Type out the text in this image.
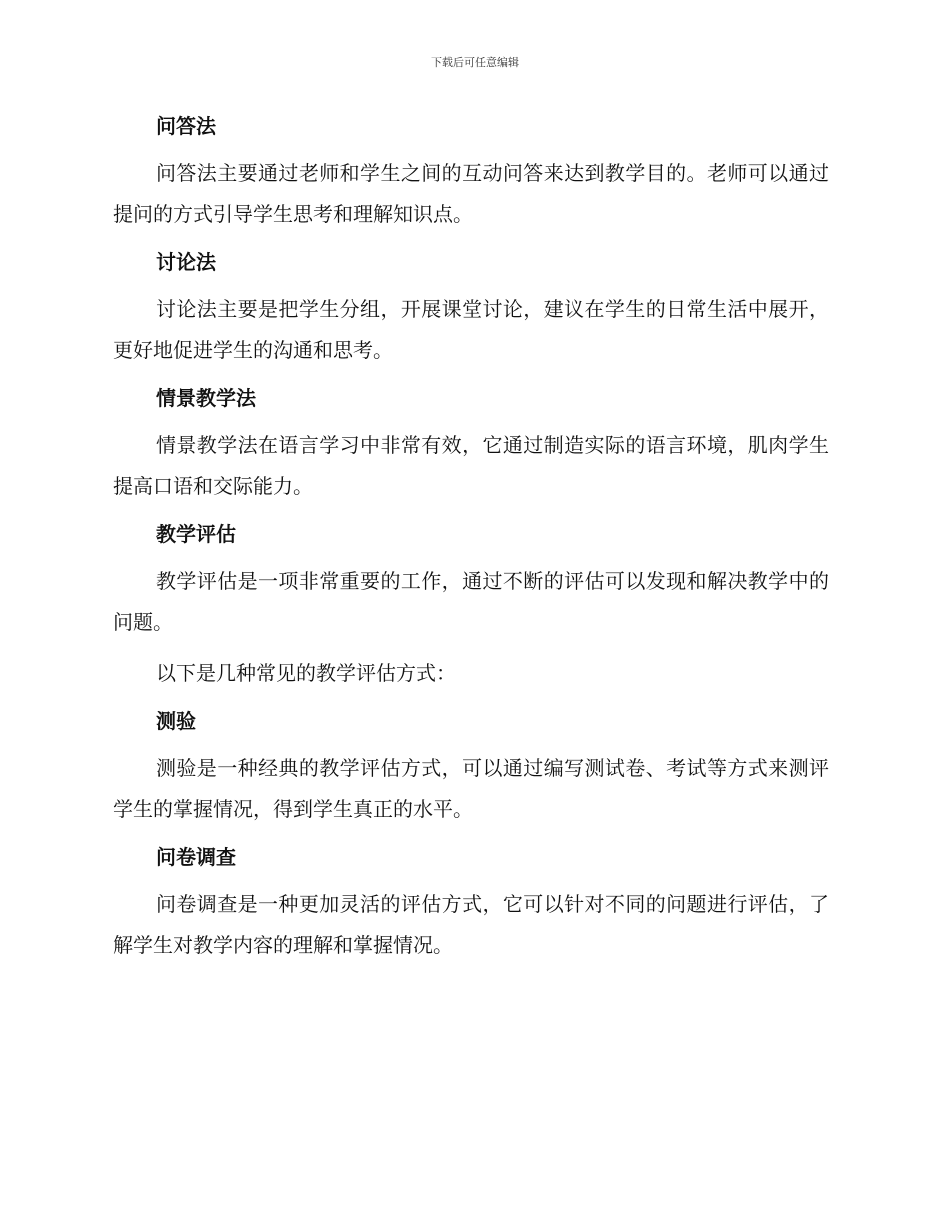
下载后可任意编辑
问答法

问答法主要通过老师和学生之间的互动问答来达到教学目的。老师可以通过提问的方式引导学生思考和理解知识点。

讨论法

讨论法主要是把学生分组，开展课堂讨论，建议在学生的日常生活中展开，更好地促进学生的沟通和思考。

情景教学法

情景教学法在语言学习中非常有效，它通过制造实际的语言环境，肌肉学生提高口语和交际能力。

教学评估

教学评估是一项非常重要的工作，通过不断的评估可以发现和解决教学中的问题。

以下是几种常见的教学评估方式：

测验

测验是一种经典的教学评估方式，可以通过编写测试卷、考试等方式来测评学生的掌握情况，得到学生真正的水平。

问卷调查

问卷调查是一种更加灵活的评估方式，它可以针对不同的问题进行评估，了解学生对教学内容的理解和掌握情况。
